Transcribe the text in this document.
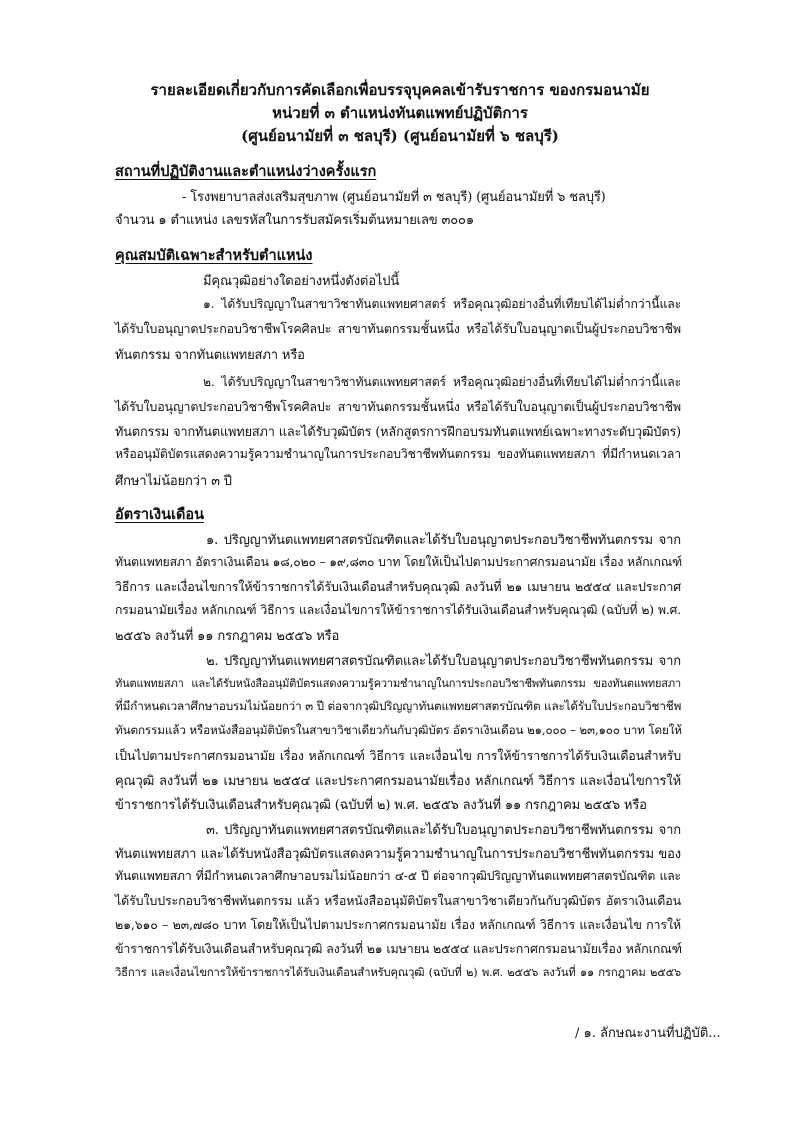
รายละเอียดเกี่ยวกับการคัดเลือกเพื่อบรรจุบุคคลเข้ารับราชการ ของกรมอนามัย
หน่วยที่ ๓ ตำแหน่งทันตแพทย์ปฏิบัติการ
(ศูนย์อนามัยที่ ๓ ชลบุรี) (ศูนย์อนามัยที่ ๖ ชลบุรี)
สถานที่ปฏิบัติงานและตำแหน่งว่างครั้งแรก
- โรงพยาบาลส่งเสริมสุขภาพ (ศูนย์อนามัยที่ ๓ ชลบุรี) (ศูนย์อนามัยที่ ๖ ชลบุรี)
จำนวน ๑ ตำแหน่ง เลขรหัสในการรับสมัครเริ่มต้นหมายเลข ๓๐๐๑
คุณสมบัติเฉพาะสำหรับตำแหน่ง
มีคุณวุฒิอย่างใดอย่างหนึ่งดังต่อไปนี้
๑. ได้รับปริญญาในสาขาวิชาทันตแพทยศาสตร์ หรือคุณวุฒิอย่างอื่นที่เทียบได้ไม่ต่ำกว่านี้และ
ได้รับใบอนุญาตประกอบวิชาชีพโรคศิลปะ สาขาทันตกรรมชั้นหนึ่ง หรือได้รับใบอนุญาตเป็นผู้ประกอบวิชาชีพ
ทันตกรรม จากทันตแพทยสภา หรือ
๒. ได้รับปริญญาในสาขาวิชาทันตแพทยศาสตร์ หรือคุณวุฒิอย่างอื่นที่เทียบได้ไม่ต่ำกว่านี้และ
ได้รับใบอนุญาตประกอบวิชาชีพโรคศิลปะ สาขาทันตกรรมชั้นหนึ่ง หรือได้รับใบอนุญาตเป็นผู้ประกอบวิชาชีพ
ทันตกรรม จากทันตแพทยสภา และได้รับวุฒิบัตร (หลักสูตรการฝึกอบรมทันตแพทย์เฉพาะทางระดับวุฒิบัตร)
หรืออนุมัติบัตรแสดงความรู้ความชำนาญในการประกอบวิชาชีพทันตกรรม ของทันตแพทยสภา ที่มีกำหนดเวลา
ศึกษาไม่น้อยกว่า ๓ ปี
อัตราเงินเดือน
๑. ปริญญาทันตแพทยศาสตรบัณฑิตและได้รับใบอนุญาตประกอบวิชาชีพทันตกรรม จาก
ทันตแพทยสภา อัตราเงินเดือน ๑๘,๐๒๐ – ๑๙,๘๓๐ บาท โดยให้เป็นไปตามประกาศกรมอนามัย เรื่อง หลักเกณฑ์
วิธีการ และเงื่อนไขการให้ข้าราชการได้รับเงินเดือนสำหรับคุณวุฒิ ลงวันที่ ๒๑ เมษายน ๒๕๕๔ และประกาศ
กรมอนามัยเรื่อง หลักเกณฑ์ วิธีการ และเงื่อนไขการให้ข้าราชการได้รับเงินเดือนสำหรับคุณวุฒิ (ฉบับที่ ๒) พ.ศ.
๒๕๕๖ ลงวันที่ ๑๑ กรกฎาคม ๒๕๕๖ หรือ
๒. ปริญญาทันตแพทยศาสตรบัณฑิตและได้รับใบอนุญาตประกอบวิชาชีพทันตกรรม จาก
ทันตแพทยสภา และได้รับหนังสืออนุมัติบัตรแสดงความรู้ความชำนาญในการประกอบวิชาชีพทันตกรรม ของทันตแพทยสภา
ที่มีกำหนดเวลาศึกษาอบรมไม่น้อยกว่า ๓ ปี ต่อจากวุฒิปริญญาทันตแพทยศาสตรบัณฑิต และได้รับใบประกอบวิชาชีพ
ทันตกรรมแล้ว หรือหนังสืออนุมัติบัตรในสาขาวิชาเดียวกันกับวุฒิบัตร อัตราเงินเดือน ๒๑,๐๐๐ – ๒๓,๑๐๐ บาท โดยให้
เป็นไปตามประกาศกรมอนามัย เรื่อง หลักเกณฑ์ วิธีการ และเงื่อนไข การให้ข้าราชการได้รับเงินเดือนสำหรับ
คุณวุฒิ ลงวันที่ ๒๑ เมษายน ๒๕๕๔ และประกาศกรมอนามัยเรื่อง หลักเกณฑ์ วิธีการ และเงื่อนไขการให้
ข้าราชการได้รับเงินเดือนสำหรับคุณวุฒิ (ฉบับที่ ๒) พ.ศ. ๒๕๕๖ ลงวันที่ ๑๑ กรกฎาคม ๒๕๕๖ หรือ
๓. ปริญญาทันตแพทยศาสตรบัณฑิตและได้รับใบอนุญาตประกอบวิชาชีพทันตกรรม จาก
ทันตแพทยสภา และได้รับหนังสือวุฒิบัตรแสดงความรู้ความชำนาญในการประกอบวิชาชีพทันตกรรม ของ
ทันตแพทยสภา ที่มีกำหนดเวลาศึกษาอบรมไม่น้อยกว่า ๔-๕ ปี ต่อจากวุฒิปริญญาทันตแพทยศาสตรบัณฑิต และ
ได้รับใบประกอบวิชาชีพทันตกรรม แล้ว หรือหนังสืออนุมัติบัตรในสาขาวิชาเดียวกันกับวุฒิบัตร อัตราเงินเดือน
๒๑,๖๑๐ – ๒๓,๗๘๐ บาท โดยให้เป็นไปตามประกาศกรมอนามัย เรื่อง หลักเกณฑ์ วิธีการ และเงื่อนไข การให้
ข้าราชการได้รับเงินเดือนสำหรับคุณวุฒิ ลงวันที่ ๒๑ เมษายน ๒๕๕๔ และประกาศกรมอนามัยเรื่อง หลักเกณฑ์
วิธีการ และเงื่อนไขการให้ข้าราชการได้รับเงินเดือนสำหรับคุณวุฒิ (ฉบับที่ ๒) พ.ศ. ๒๕๕๖ ลงวันที่ ๑๑ กรกฎาคม ๒๕๕๖
/ ๑. ลักษณะงานที่ปฏิบัติ...
